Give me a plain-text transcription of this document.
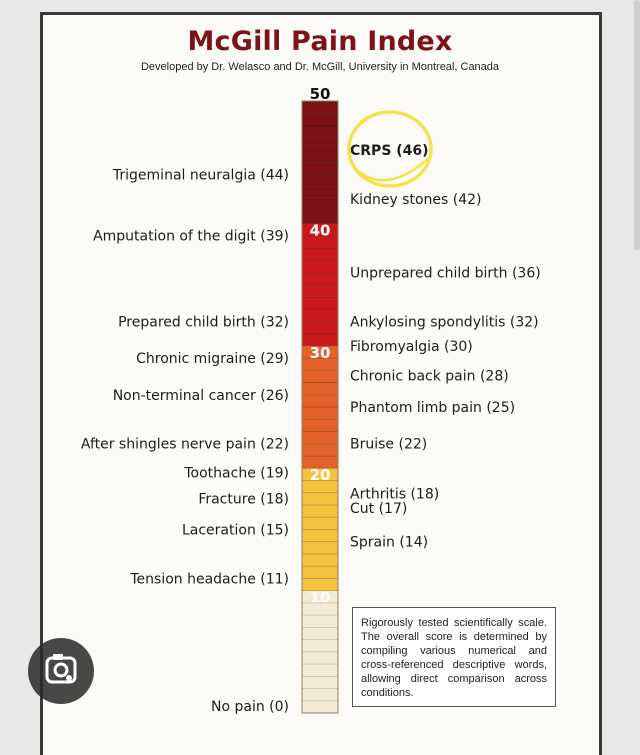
McGill Pain Index
Developed by Dr. Welasco and Dr. McGill, University in Montreal, Canada
10
20
30
40
50
Trigeminal neuralgia (44)
Amputation of the digit (39)
Prepared child birth (32)
Chronic migraine (29)
Non-terminal cancer (26)
After shingles nerve pain (22)
Toothache (19)
Fracture (18)
Laceration (15)
Tension headache (11)
No pain (0)
CRPS (46)
Kidney stones (42)
Unprepared child birth (36)
Ankylosing spondylitis (32)
Fibromyalgia (30)
Chronic back pain (28)
Phantom limb pain (25)
Bruise (22)
Arthritis (18)
Cut (17)
Sprain (14)
Rigorously tested scientifically scale. The overall score is determined by compiling various numerical and cross-referenced descriptive words, allowing direct comparison across conditions.
